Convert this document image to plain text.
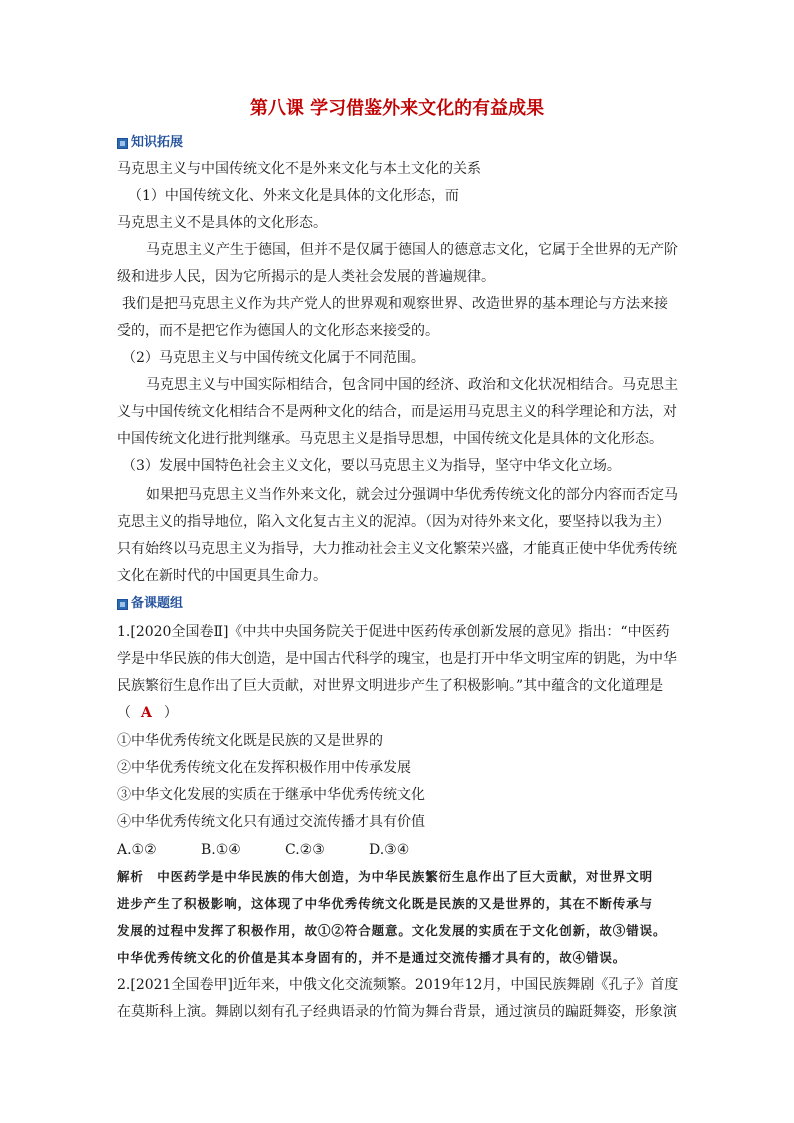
第八课 学习借鉴外来文化的有益成果
知识拓展
马克思主义与中国传统文化不是外来文化与本土文化的关系
（1）中国传统文化、外来文化是具体的文化形态，而
马克思主义不是具体的文化形态。
马克思主义产生于德国，但并不是仅属于德国人的德意志文化，它属于全世界的无产阶
级和进步人民，因为它所揭示的是人类社会发展的普遍规律。
我们是把马克思主义作为共产党人的世界观和观察世界、改造世界的基本理论与方法来接
受的，而不是把它作为德国人的文化形态来接受的。
（2）马克思主义与中国传统文化属于不同范围。
马克思主义与中国实际相结合，包含同中国的经济、政治和文化状况相结合。马克思主
义与中国传统文化相结合不是两种文化的结合，而是运用马克思主义的科学理论和方法，对
中国传统文化进行批判继承。马克思主义是指导思想，中国传统文化是具体的文化形态。
（3）发展中国特色社会主义文化，要以马克思主义为指导，坚守中华文化立场。
如果把马克思主义当作外来文化，就会过分强调中华优秀传统文化的部分内容而否定马
克思主义的指导地位，陷入文化复古主义的泥淖。（因为对待外来文化，要坚持以我为主）
只有始终以马克思主义为指导，大力推动社会主义文化繁荣兴盛，才能真正使中华优秀传统
文化在新时代的中国更具生命力。
备课题组
1.[2020全国卷Ⅱ]《中共中央国务院关于促进中医药传承创新发展的意见》指出：“中医药
学是中华民族的伟大创造，是中国古代科学的瑰宝，也是打开中华文明宝库的钥匙，为中华
民族繁衍生息作出了巨大贡献，对世界文明进步产生了积极影响。”其中蕴含的文化道理是
（ A ）
①中华优秀传统文化既是民族的又是世界的
②中华优秀传统文化在发挥积极作用中传承发展
③中华文化发展的实质在于继承中华优秀传统文化
④中华优秀传统文化只有通过交流传播才具有价值
A.①②	B.①④	C.②③	D.③④
解析　中医药学是中华民族的伟大创造，为中华民族繁衍生息作出了巨大贡献，对世界文明
进步产生了积极影响，这体现了中华优秀传统文化既是民族的又是世界的，其在不断传承与
发展的过程中发挥了积极作用，故①②符合题意。文化发展的实质在于文化创新，故③错误。
中华优秀传统文化的价值是其本身固有的，并不是通过交流传播才具有的，故④错误。
2.[2021全国卷甲]近年来，中俄文化交流频繁。2019年12月，中国民族舞剧《孔子》首度
在莫斯科上演。舞剧以刻有孔子经典语录的竹简为舞台背景，通过演员的蹁跹舞姿，形象演
